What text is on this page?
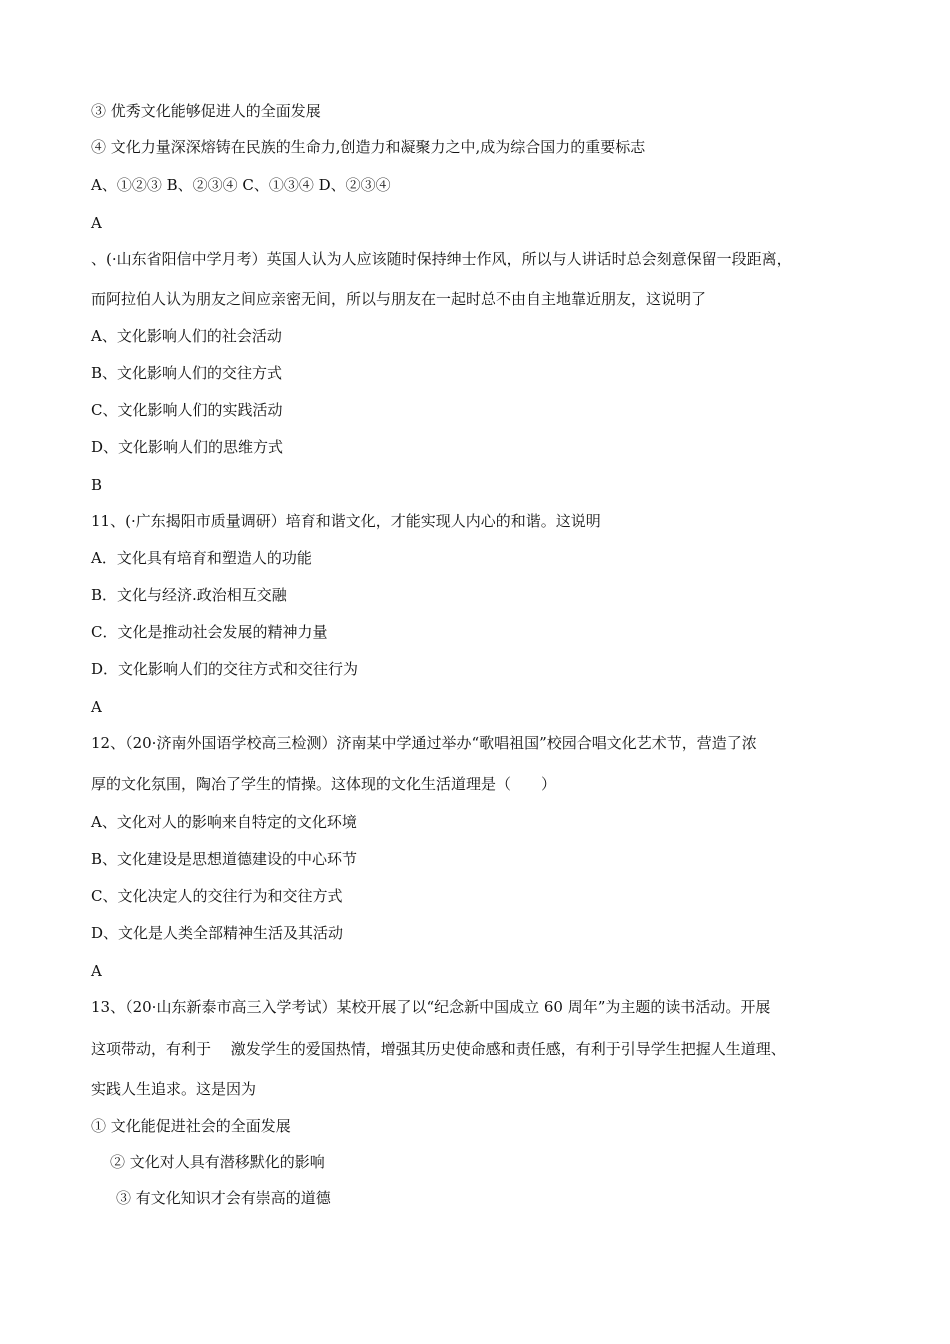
③ 优秀文化能够促进人的全面发展
④ 文化力量深深熔铸在民族的生命力,创造力和凝聚力之中,成为综合国力的重要标志
A、①②③ B、②③④ C、①③④ D、②③④
A
、(·山东省阳信中学月考）英国人认为人应该随时保持绅士作风，所以与人讲话时总会刻意保留一段距离，
而阿拉伯人认为朋友之间应亲密无间，所以与朋友在一起时总不由自主地靠近朋友，这说明了
A、文化影响人们的社会活动
B、文化影响人们的交往方式
C、文化影响人们的实践活动
D、文化影响人们的思维方式
B
11、(·广东揭阳市质量调研）培育和谐文化，才能实现人内心的和谐。这说明
A．文化具有培育和塑造人的功能
B．文化与经济.政治相互交融
C．文化是推动社会发展的精神力量
D．文化影响人们的交往方式和交往行为
A
12、（20·济南外国语学校高三检测）济南某中学通过举办“歌唱祖国”校园合唱文化艺术节，营造了浓
厚的文化氛围，陶冶了学生的情操。这体现的文化生活道理是（　　）
A、文化对人的影响来自特定的文化环境
B、文化建设是思想道德建设的中心环节
C、文化决定人的交往行为和交往方式
D、文化是人类全部精神生活及其活动
A
13、（20·山东新泰市高三入学考试）某校开展了以“纪念新中国成立 60 周年”为主题的读书活动。开展
这项带动，有利于　 激发学生的爱国热情，增强其历史使命感和责任感，有利于引导学生把握人生道理、
实践人生追求。这是因为
① 文化能促进社会的全面发展
② 文化对人具有潜移默化的影响
③ 有文化知识才会有崇高的道德
